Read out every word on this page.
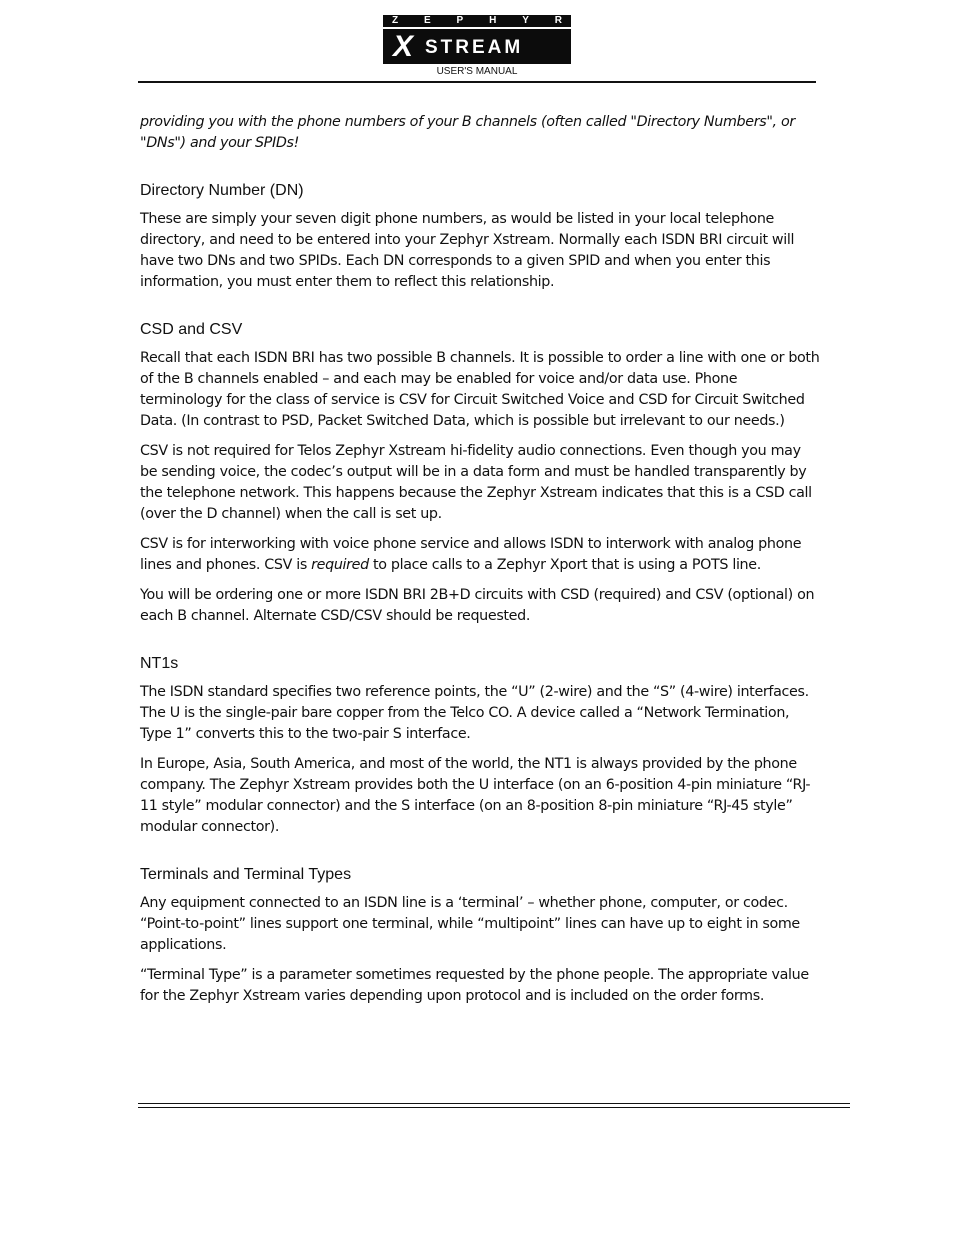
Z	E	P	H	Y	R
X STREAM
USER'S MANUAL

providing you with the phone numbers of your B channels (often called "Directory Numbers", or "DNs") and your SPIDs!

Directory Number (DN)

These are simply your seven digit phone numbers, as would be listed in your local telephone directory, and need to be entered into your Zephyr Xstream. Normally each ISDN BRI circuit will have two DNs and two SPIDs. Each DN corresponds to a given SPID and when you enter this information, you must enter them to reflect this relationship.

CSD and CSV

Recall that each ISDN BRI has two possible B channels. It is possible to order a line with one or both of the B channels enabled – and each may be enabled for voice and/or data use. Phone terminology for the class of service is CSV for Circuit Switched Voice and CSD for Circuit Switched Data. (In contrast to PSD, Packet Switched Data, which is possible but irrelevant to our needs.)

CSV is not required for Telos Zephyr Xstream hi-fidelity audio connections. Even though you may be sending voice, the codec’s output will be in a data form and must be handled transparently by the telephone network. This happens because the Zephyr Xstream indicates that this is a CSD call (over the D channel) when the call is set up.

CSV is for interworking with voice phone service and allows ISDN to interwork with analog phone lines and phones. CSV is required to place calls to a Zephyr Xport that is using a POTS line.

You will be ordering one or more ISDN BRI 2B+D circuits with CSD (required) and CSV (optional) on each B channel. Alternate CSD/CSV should be requested.

NT1s

The ISDN standard specifies two reference points, the “U” (2-wire) and the “S” (4-wire) interfaces. The U is the single-pair bare copper from the Telco CO. A device called a “Network Termination, Type 1” converts this to the two-pair S interface.

In Europe, Asia, South America, and most of the world, the NT1 is always provided by the phone company. The Zephyr Xstream provides both the U interface (on an 6-position 4-pin miniature “RJ-11 style” modular connector) and the S interface (on an 8-position 8-pin miniature “RJ-45 style” modular connector).

Terminals and Terminal Types

Any equipment connected to an ISDN line is a ‘terminal’ – whether phone, computer, or codec. “Point-to-point” lines support one terminal, while “multipoint” lines can have up to eight in some applications.

“Terminal Type” is a parameter sometimes requested by the phone people. The appropriate value for the Zephyr Xstream varies depending upon protocol and is included on the order forms.
